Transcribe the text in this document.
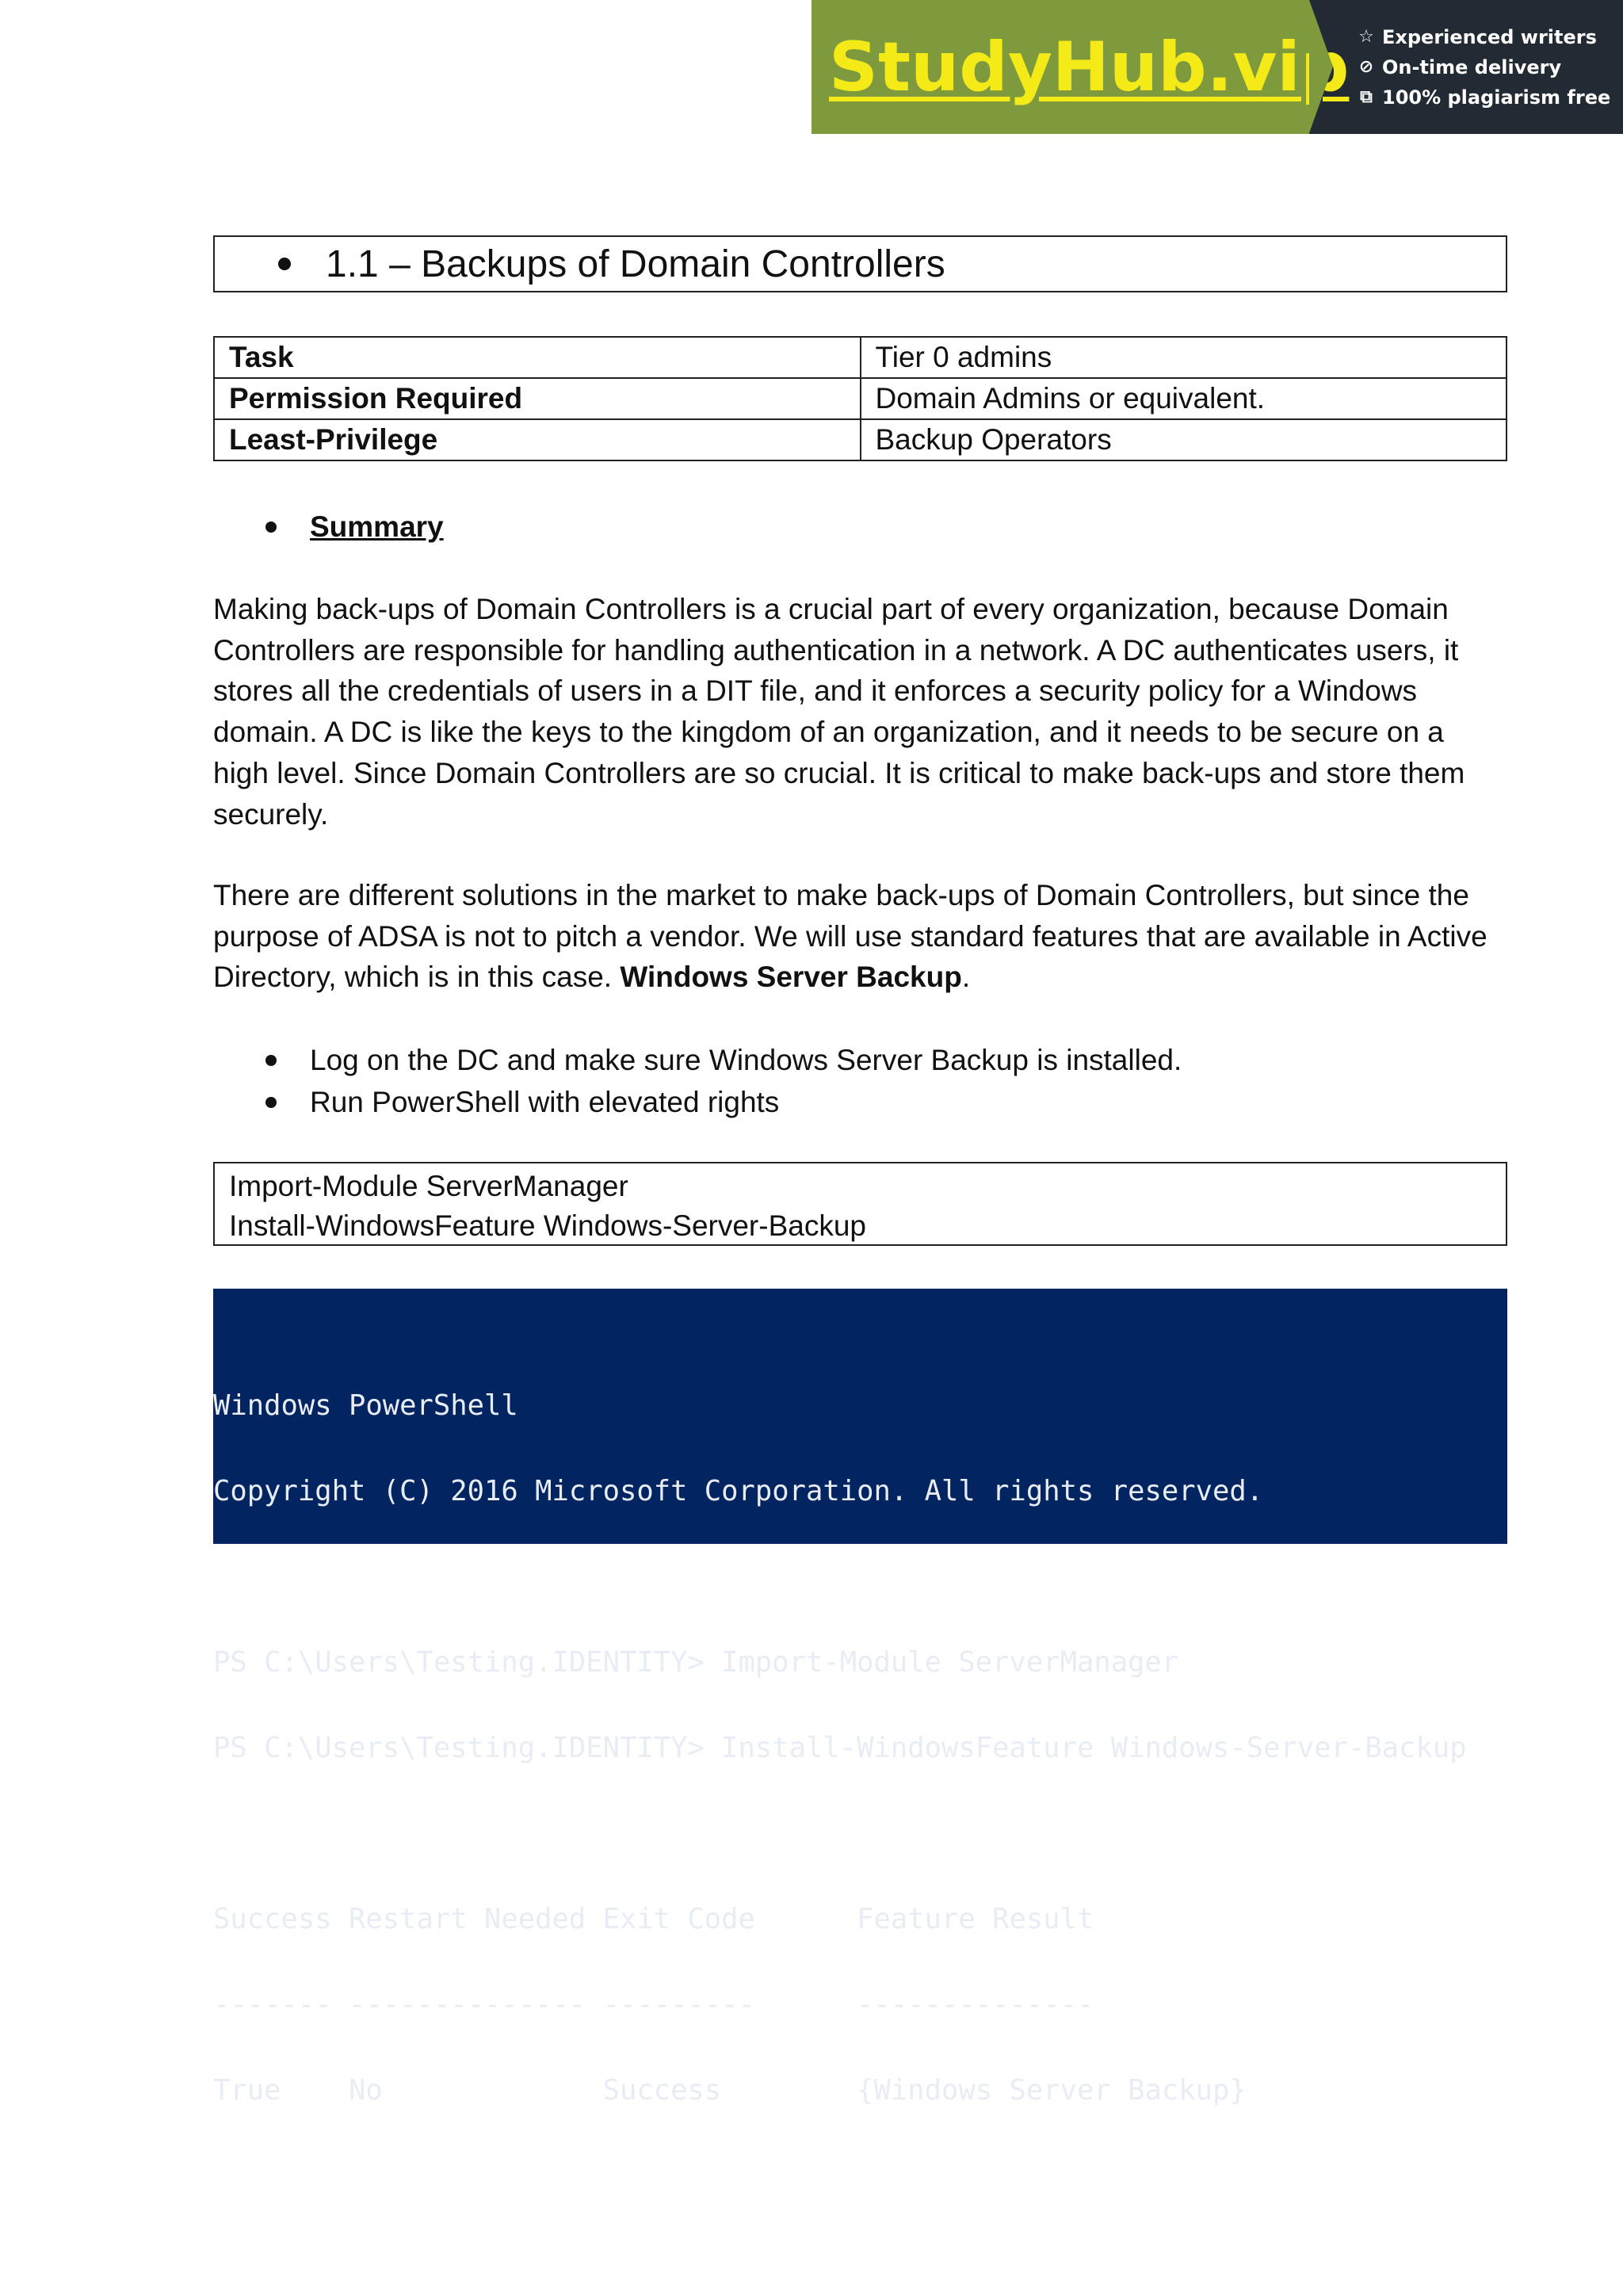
StudyHub.vip ☆ Experienced writers
⊘ On-time delivery
⧉ 100% plagiarism free
1.1 – Backups of Domain Controllers
Task	Tier 0 admins
Permission Required	Domain Admins or equivalent.
Least-Privilege	Backup Operators
Summary

Making back-ups of Domain Controllers is a crucial part of every organization, because Domain Controllers are responsible for handling authentication in a network. A DC authenticates users, it stores all the credentials of users in a DIT file, and it enforces a security policy for a Windows domain. A DC is like the keys to the kingdom of an organization, and it needs to be secure on a high level. Since Domain Controllers are so crucial. It is critical to make back-ups and store them securely.

There are different solutions in the market to make back-ups of Domain Controllers, but since the purpose of ADSA is not to pitch a vendor. We will use standard features that are available in Active Directory, which is in this case. Windows Server Backup.

Log on the DC and make sure Windows Server Backup is installed.
Run PowerShell with elevated rights
Import-Module ServerManager
Install-WindowsFeature Windows-Server-Backup

Windows PowerShell

Copyright (C) 2016 Microsoft Corporation. All rights reserved.

PS C:\Users\Testing.IDENTITY> Import-Module ServerManager

PS C:\Users\Testing.IDENTITY> Install-WindowsFeature Windows-Server-Backup

Success Restart Needed Exit Code      Feature Result

------- -------------- ---------      --------------

True    No             Success        {Windows Server Backup}
